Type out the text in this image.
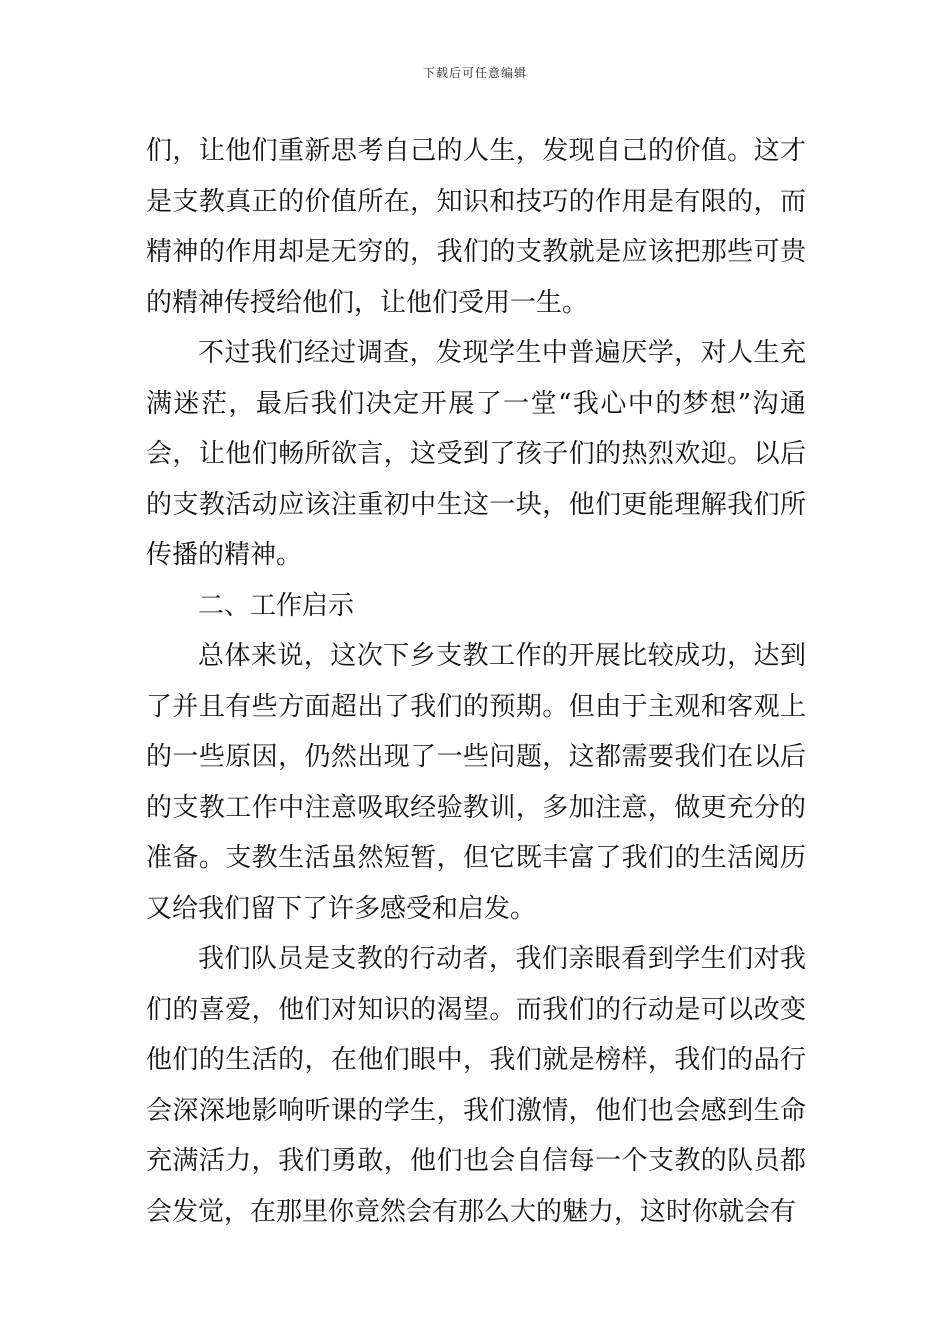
下载后可任意编辑

们，让他们重新思考自己的人生，发现自己的价值。这才是支教真正的价值所在，知识和技巧的作用是有限的，而精神的作用却是无穷的，我们的支教就是应该把那些可贵的精神传授给他们，让他们受用一生。

不过我们经过调查，发现学生中普遍厌学，对人生充满迷茫，最后我们决定开展了一堂“我心中的梦想”沟通会，让他们畅所欲言，这受到了孩子们的热烈欢迎。以后的支教活动应该注重初中生这一块，他们更能理解我们所传播的精神。

二、工作启示

总体来说，这次下乡支教工作的开展比较成功，达到了并且有些方面超出了我们的预期。但由于主观和客观上的一些原因，仍然出现了一些问题，这都需要我们在以后的支教工作中注意吸取经验教训，多加注意，做更充分的准备。支教生活虽然短暂，但它既丰富了我们的生活阅历又给我们留下了许多感受和启发。

我们队员是支教的行动者，我们亲眼看到学生们对我们的喜爱，他们对知识的渴望。而我们的行动是可以改变他们的生活的，在他们眼中，我们就是榜样，我们的品行会深深地影响听课的学生，我们激情，他们也会感到生命充满活力，我们勇敢，他们也会自信每一个支教的队员都会发觉，在那里你竟然会有那么大的魅力，这时你就会有
